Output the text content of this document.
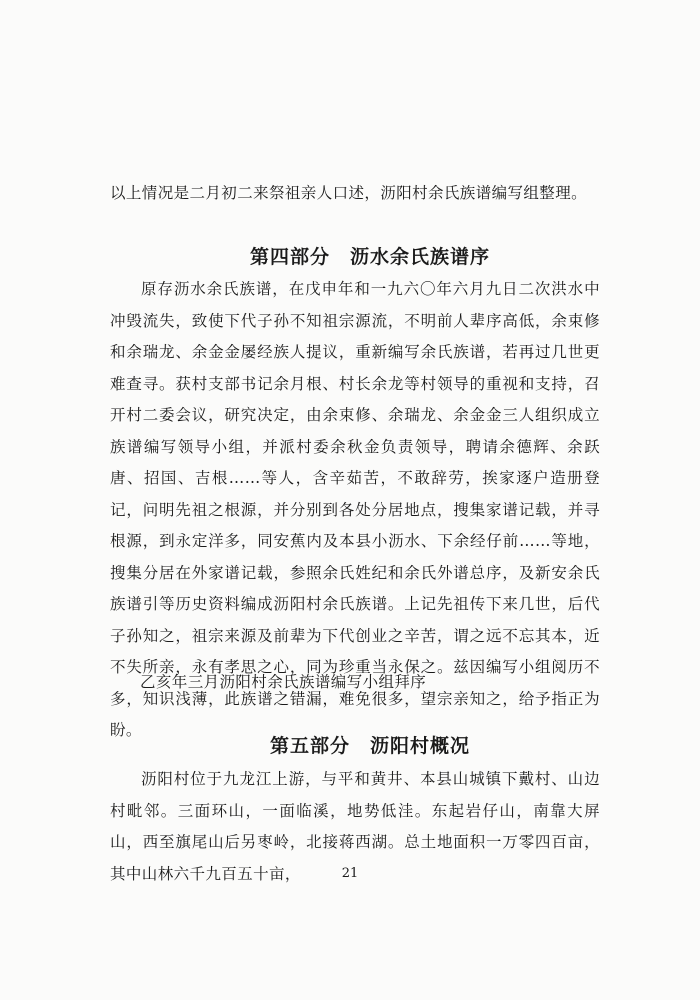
以上情况是二月初二来祭祖亲人口述，沥阳村余氏族谱编写组整理。

第四部分　沥水余氏族谱序

原存沥水余氏族谱，在戊申年和一九六〇年六月九日二次洪水中冲毁流失，致使下代子孙不知祖宗源流，不明前人辈序高低，余束修和余瑞龙、余金金屡经族人提议，重新编写余氏族谱，若再过几世更难查寻。获村支部书记余月根、村长余龙等村领导的重视和支持，召开村二委会议，研究决定，由余束修、余瑞龙、余金金三人组织成立族谱编写领导小组，并派村委余秋金负责领导，聘请余德辉、余跃唐、招国、吉根……等人，含辛茹苦，不敢辞劳，挨家逐户造册登记，问明先祖之根源，并分别到各处分居地点，搜集家谱记载，并寻根源，到永定洋多，同安蕉内及本县小沥水、下余经仔前……等地，搜集分居在外家谱记载，参照余氏姓纪和余氏外谱总序，及新安余氏族谱引等历史资料编成沥阳村余氏族谱。上记先祖传下来几世，后代子孙知之，祖宗来源及前辈为下代创业之辛苦，谓之远不忘其本，近不失所亲，永有孝思之心，同为珍重当永保之。兹因编写小组阅历不多，知识浅薄，此族谱之错漏，难免很多，望宗亲知之，给予指正为盼。

乙亥年三月沥阳村余氏族谱编写小组拜序
第五部分　沥阳村概况

沥阳村位于九龙江上游，与平和黄井、本县山城镇下戴村、山边村毗邻。三面环山，一面临溪，地势低洼。东起岩仔山，南靠大屏山，西至旗尾山后另枣岭，北接蒋西湖。总土地面积一万零四百亩，其中山林六千九百五十亩，	21
